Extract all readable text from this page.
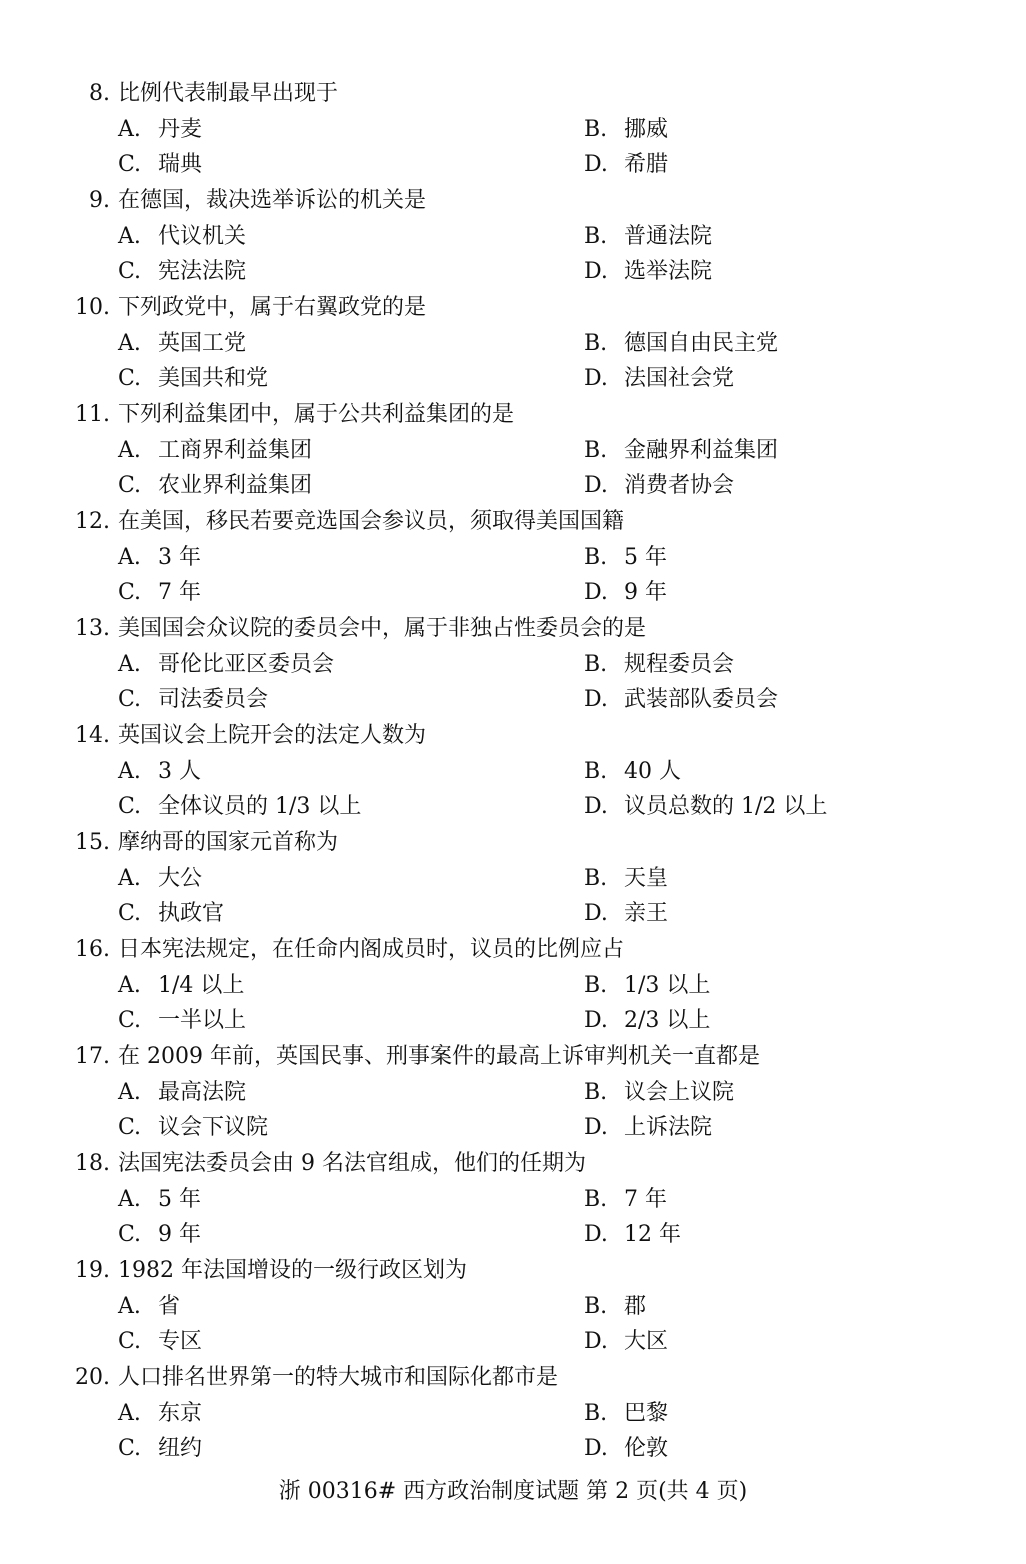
8. 比例代表制最早出现于
A. 丹麦	B. 挪威
C. 瑞典	D. 希腊
9. 在德国，裁决选举诉讼的机关是
A. 代议机关	B. 普通法院
C. 宪法法院	D. 选举法院
10. 下列政党中，属于右翼政党的是
A. 英国工党	B. 德国自由民主党
C. 美国共和党	D. 法国社会党
11. 下列利益集团中，属于公共利益集团的是
A. 工商界利益集团	B. 金融界利益集团
C. 农业界利益集团	D. 消费者协会
12. 在美国，移民若要竞选国会参议员，须取得美国国籍
A. 3 年	B. 5 年
C. 7 年	D. 9 年
13. 美国国会众议院的委员会中，属于非独占性委员会的是
A. 哥伦比亚区委员会	B. 规程委员会
C. 司法委员会	D. 武装部队委员会
14. 英国议会上院开会的法定人数为
A. 3 人	B. 40 人
C. 全体议员的 1/3 以上	D. 议员总数的 1/2 以上
15. 摩纳哥的国家元首称为
A. 大公	B. 天皇
C. 执政官	D. 亲王
16. 日本宪法规定，在任命内阁成员时，议员的比例应占
A. 1/4 以上	B. 1/3 以上
C. 一半以上	D. 2/3 以上
17. 在 2009 年前，英国民事、刑事案件的最高上诉审判机关一直都是
A. 最高法院	B. 议会上议院
C. 议会下议院	D. 上诉法院
18. 法国宪法委员会由 9 名法官组成，他们的任期为
A. 5 年	B. 7 年
C. 9 年	D. 12 年
19. 1982 年法国增设的一级行政区划为
A. 省	B. 郡
C. 专区	D. 大区
20. 人口排名世界第一的特大城市和国际化都市是
A. 东京	B. 巴黎
C. 纽约	D. 伦敦
浙 00316# 西方政治制度试题 第 2 页(共 4 页)
